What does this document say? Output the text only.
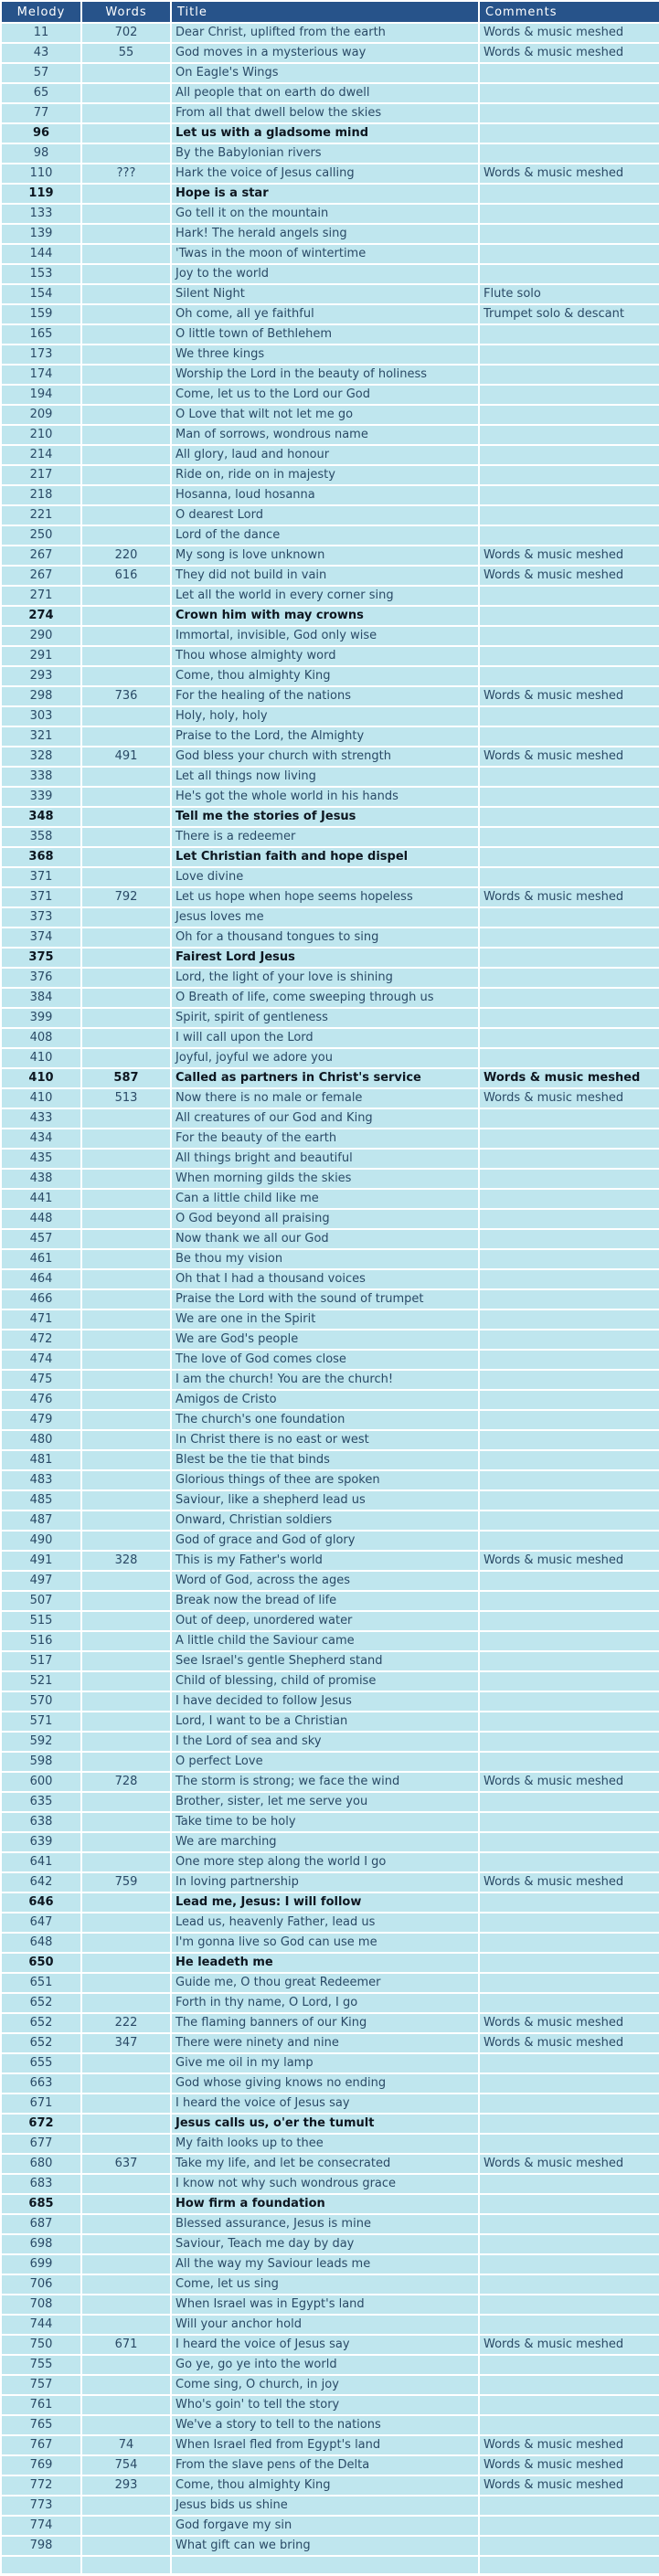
Melody	Words	Title	Comments
11	702	Dear Christ, uplifted from the earth	Words & music meshed
43	55	God moves in a mysterious way	Words & music meshed
57		On Eagle's Wings	
65		All people that on earth do dwell	
77		From all that dwell below the skies	
96		Let us with a gladsome mind	
98		By the Babylonian rivers	
110	???	Hark the voice of Jesus calling	Words & music meshed
119		Hope is a star	
133		Go tell it on the mountain	
139		Hark! The herald angels sing	
144		'Twas in the moon of wintertime	
153		Joy to the world	
154		Silent Night	Flute solo
159		Oh come, all ye faithful	Trumpet solo & descant
165		O little town of Bethlehem	
173		We three kings	
174		Worship the Lord in the beauty of holiness	
194		Come, let us to the Lord our God	
209		O Love that wilt not let me go	
210		Man of sorrows, wondrous name	
214		All glory, laud and honour	
217		Ride on, ride on in majesty	
218		Hosanna, loud hosanna	
221		O dearest Lord	
250		Lord of the dance	
267	220	My song is love unknown	Words & music meshed
267	616	They did not build in vain	Words & music meshed
271		Let all the world in every corner sing	
274		Crown him with may crowns	
290		Immortal, invisible, God only wise	
291		Thou whose almighty word	
293		Come, thou almighty King	
298	736	For the healing of the nations	Words & music meshed
303		Holy, holy, holy	
321		Praise to the Lord, the Almighty	
328	491	God bless your church with strength	Words & music meshed
338		Let all things now living	
339		He's got the whole world in his hands	
348		Tell me the stories of Jesus	
358		There is a redeemer	
368		Let Christian faith and hope dispel	
371		Love divine	
371	792	Let us hope when hope seems hopeless	Words & music meshed
373		Jesus loves me	
374		Oh for a thousand tongues to sing	
375		Fairest Lord Jesus	
376		Lord, the light of your love is shining	
384		O Breath of life, come sweeping through us	
399		Spirit, spirit of gentleness	
408		I will call upon the Lord	
410		Joyful, joyful we adore you	
410	587	Called as partners in Christ's service	Words & music meshed
410	513	Now there is no male or female	Words & music meshed
433		All creatures of our God and King	
434		For the beauty of the earth	
435		All things bright and beautiful	
438		When morning gilds the skies	
441		Can a little child like me	
448		O God beyond all praising	
457		Now thank we all our God	
461		Be thou my vision	
464		Oh that I had a thousand voices	
466		Praise the Lord with the sound of trumpet	
471		We are one in the Spirit	
472		We are God's people	
474		The love of God comes close	
475		I am the church! You are the church!	
476		Amigos de Cristo	
479		The church's one foundation	
480		In Christ there is no east or west	
481		Blest be the tie that binds	
483		Glorious things of thee are spoken	
485		Saviour, like a shepherd lead us	
487		Onward, Christian soldiers	
490		God of grace and God of glory	
491	328	This is my Father's world	Words & music meshed
497		Word of God, across the ages	
507		Break now the bread of life	
515		Out of deep, unordered water	
516		A little child the Saviour came	
517		See Israel's gentle Shepherd stand	
521		Child of blessing, child of promise	
570		I have decided to follow Jesus	
571		Lord, I want to be a Christian	
592		I the Lord of sea and sky	
598		O perfect Love	
600	728	The storm is strong; we face the wind	Words & music meshed
635		Brother, sister, let me serve you	
638		Take time to be holy	
639		We are marching	
641		One more step along the world I go	
642	759	In loving partnership	Words & music meshed
646		Lead me, Jesus: I will follow	
647		Lead us, heavenly Father, lead us	
648		I'm gonna live so God can use me	
650		He leadeth me	
651		Guide me, O thou great Redeemer	
652		Forth in thy name, O Lord, I go	
652	222	The flaming banners of our King	Words & music meshed
652	347	There were ninety and nine	Words & music meshed
655		Give me oil in my lamp	
663		God whose giving knows no ending	
671		I heard the voice of Jesus say	
672		Jesus calls us, o'er the tumult	
677		My faith looks up to thee	
680	637	Take my life, and let be consecrated	Words & music meshed
683		I know not why such wondrous grace	
685		How firm a foundation	
687		Blessed assurance, Jesus is mine	
698		Saviour, Teach me day by day	
699		All the way my Saviour leads me	
706		Come, let us sing	
708		When Israel was in Egypt's land	
744		Will your anchor hold	
750	671	I heard the voice of Jesus say	Words & music meshed
755		Go ye, go ye into the world	
757		Come sing, O church, in joy	
761		Who's goin' to tell the story	
765		We've a story to tell to the nations	
767	74	When Israel fled from Egypt's land	Words & music meshed
769	754	From the slave pens of the Delta	Words & music meshed
772	293	Come, thou almighty King	Words & music meshed
773		Jesus bids us shine	
774		God forgave my sin	
798		What gift can we bring	
